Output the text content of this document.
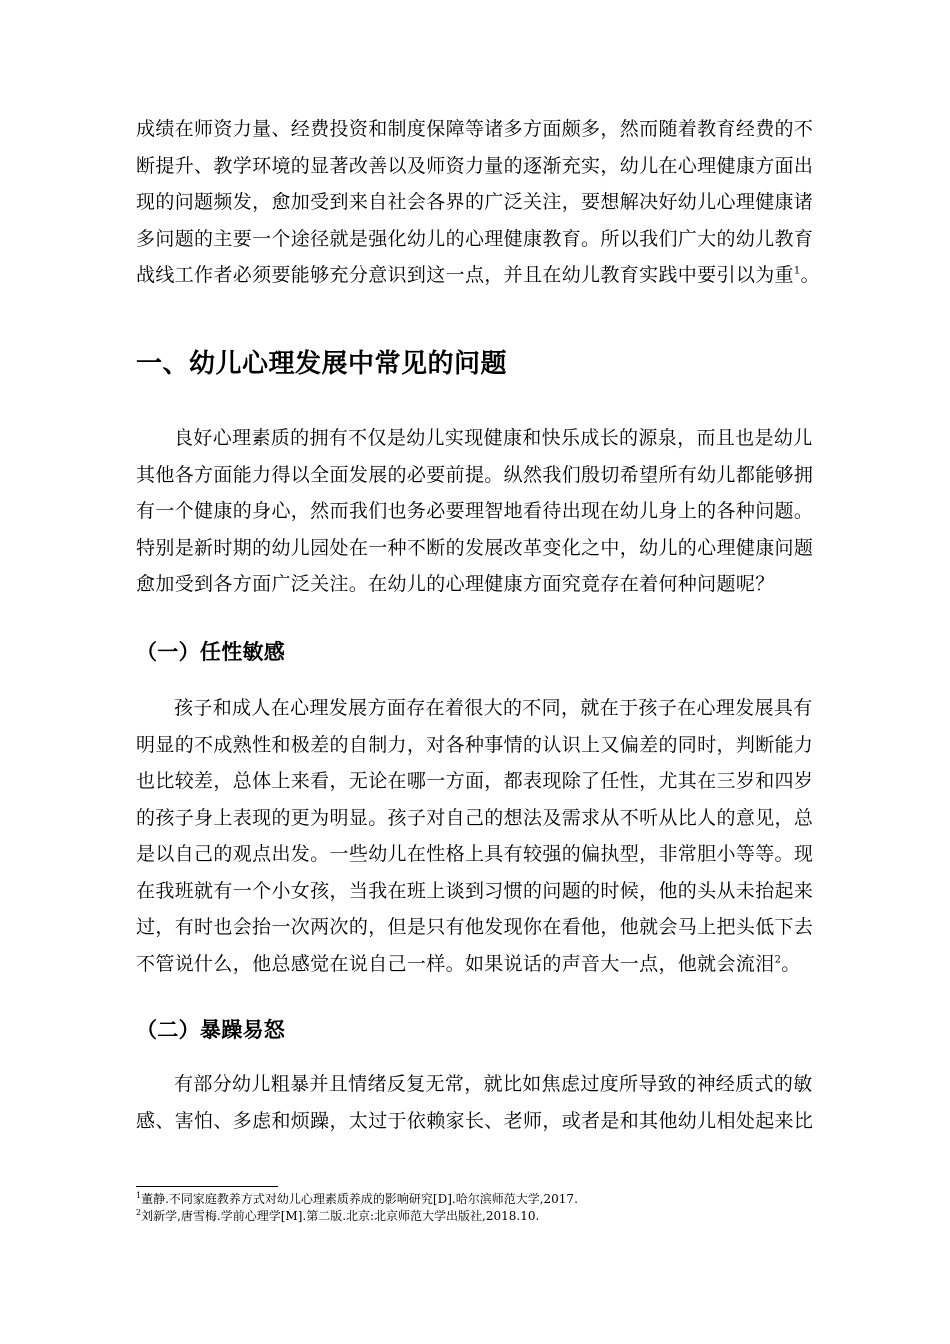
成绩在师资力量、经费投资和制度保障等诸多方面颇多，然而随着教育经费的不
断提升、教学环境的显著改善以及师资力量的逐渐充实，幼儿在心理健康方面出
现的问题频发，愈加受到来自社会各界的广泛关注，要想解决好幼儿心理健康诸
多问题的主要一个途径就是强化幼儿的心理健康教育。所以我们广大的幼儿教育
战线工作者必须要能够充分意识到这一点，并且在幼儿教育实践中要引以为重$^1$。

一、幼儿心理发展中常见的问题

良好心理素质的拥有不仅是幼儿实现健康和快乐成长的源泉，而且也是幼儿
其他各方面能力得以全面发展的必要前提。纵然我们殷切希望所有幼儿都能够拥
有一个健康的身心，然而我们也务必要理智地看待出现在幼儿身上的各种问题。
特别是新时期的幼儿园处在一种不断的发展改革变化之中，幼儿的心理健康问题
愈加受到各方面广泛关注。在幼儿的心理健康方面究竟存在着何种问题呢？

（一）任性敏感

孩子和成人在心理发展方面存在着很大的不同，就在于孩子在心理发展具有
明显的不成熟性和极差的自制力，对各种事情的认识上又偏差的同时，判断能力
也比较差，总体上来看，无论在哪一方面，都表现除了任性，尤其在三岁和四岁
的孩子身上表现的更为明显。孩子对自己的想法及需求从不听从比人的意见，总
是以自己的观点出发。一些幼儿在性格上具有较强的偏执型，非常胆小等等。现
在我班就有一个小女孩，当我在班上谈到习惯的问题的时候，他的头从未抬起来
过，有时也会抬一次两次的，但是只有他发现你在看他，他就会马上把头低下去
不管说什么，他总感觉在说自己一样。如果说话的声音大一点，他就会流泪$^2$。

（二）暴躁易怒

有部分幼儿粗暴并且情绪反复无常，就比如焦虑过度所导致的神经质式的敏
感、害怕、多虑和烦躁，太过于依赖家长、老师，或者是和其他幼儿相处起来比

$^1$董静.不同家庭教养方式对幼儿心理素质养成的影响研究[D].哈尔滨师范大学,2017.
$^2$刘新学,唐雪梅.学前心理学[M].第二版.北京:北京师范大学出版社,2018.10.
